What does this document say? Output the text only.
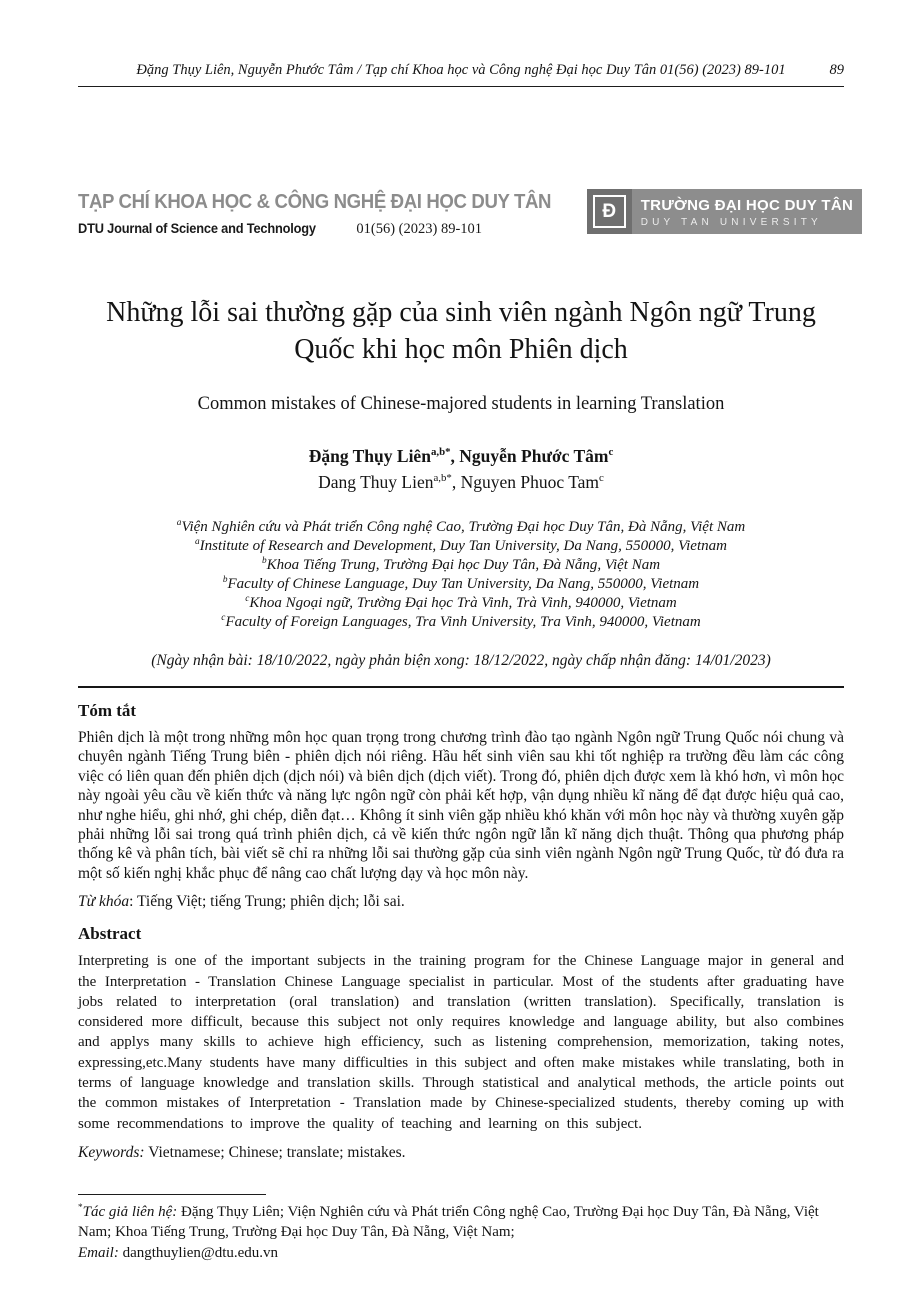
Đặng Thụy Liên, Nguyễn Phước Tâm / Tạp chí Khoa học và Công nghệ Đại học Duy Tân 01(56) (2023) 89-101	89
TẠP CHÍ KHOA HỌC & CÔNG NGHỆ ĐẠI HỌC DUY TÂN
DTU Journal of Science and Technology	01(56) (2023) 89-101
Đ	TRƯỜNG ĐẠI HỌC DUY TÂN
DUY TAN UNIVERSITY
Những lỗi sai thường gặp của sinh viên ngành Ngôn ngữ Trung Quốc khi học môn Phiên dịch
Common mistakes of Chinese-majored students in learning Translation
Đặng Thụy Liên$^{a,b*}$, Nguyễn Phước Tâm$^c$
Dang Thuy Lien$^{a,b*}$, Nguyen Phuoc Tam$^c$
$^a$Viện Nghiên cứu và Phát triển Công nghệ Cao, Trường Đại học Duy Tân, Đà Nẵng, Việt Nam
$^a$Institute of Research and Development, Duy Tan University, Da Nang, 550000, Vietnam
$^b$Khoa Tiếng Trung, Trường Đại học Duy Tân, Đà Nẵng, Việt Nam
$^b$Faculty of Chinese Language, Duy Tan University, Da Nang, 550000, Vietnam
$^c$Khoa Ngoại ngữ, Trường Đại học Trà Vinh, Trà Vinh, 940000, Vietnam
$^c$Faculty of Foreign Languages, Tra Vinh University, Tra Vinh, 940000, Vietnam
(Ngày nhận bài: 18/10/2022, ngày phản biện xong: 18/12/2022, ngày chấp nhận đăng: 14/01/2023)
Tóm tắt

Phiên dịch là một trong những môn học quan trọng trong chương trình đào tạo ngành Ngôn ngữ Trung Quốc nói chung và chuyên ngành Tiếng Trung biên - phiên dịch nói riêng. Hầu hết sinh viên sau khi tốt nghiệp ra trường đều làm các công việc có liên quan đến phiên dịch (dịch nói) và biên dịch (dịch viết). Trong đó, phiên dịch được xem là khó hơn, vì môn học này ngoài yêu cầu về kiến thức và năng lực ngôn ngữ còn phải kết hợp, vận dụng nhiều kĩ năng để đạt được hiệu quả cao, như nghe hiểu, ghi nhớ, ghi chép, diễn đạt… Không ít sinh viên gặp nhiều khó khăn với môn học này và thường xuyên gặp phải những lỗi sai trong quá trình phiên dịch, cả về kiến thức ngôn ngữ lẫn kĩ năng dịch thuật. Thông qua phương pháp thống kê và phân tích, bài viết sẽ chỉ ra những lỗi sai thường gặp của sinh viên ngành Ngôn ngữ Trung Quốc, từ đó đưa ra một số kiến nghị khắc phục để nâng cao chất lượng dạy và học môn này.

Từ khóa: Tiếng Việt; tiếng Trung; phiên dịch; lỗi sai.

Abstract

Interpreting is one of the important subjects in the training program for the Chinese Language major in general and the Interpretation - Translation Chinese Language specialist in particular. Most of the students after graduating have jobs related to interpretation (oral translation) and translation (written translation). Specifically, translation is considered more difficult, because this subject not only requires knowledge and language ability, but also combines and applys many skills to achieve high efficiency, such as listening comprehension, memorization, taking notes, expressing,etc.Many students have many difficulties in this subject and often make mistakes while translating, both in terms of language knowledge and translation skills. Through statistical and analytical methods, the article points out the common mistakes of Interpretation - Translation made by Chinese-specialized students, thereby coming up with some recommendations to improve the quality of teaching and learning on this subject.

Keywords: Vietnamese; Chinese; translate; mistakes.

*Tác giả liên hệ: Đặng Thụy Liên; Viện Nghiên cứu và Phát triển Công nghệ Cao, Trường Đại học Duy Tân, Đà Nẵng, Việt Nam; Khoa Tiếng Trung, Trường Đại học Duy Tân, Đà Nẵng, Việt Nam;

Email: dangthuylien@dtu.edu.vn
